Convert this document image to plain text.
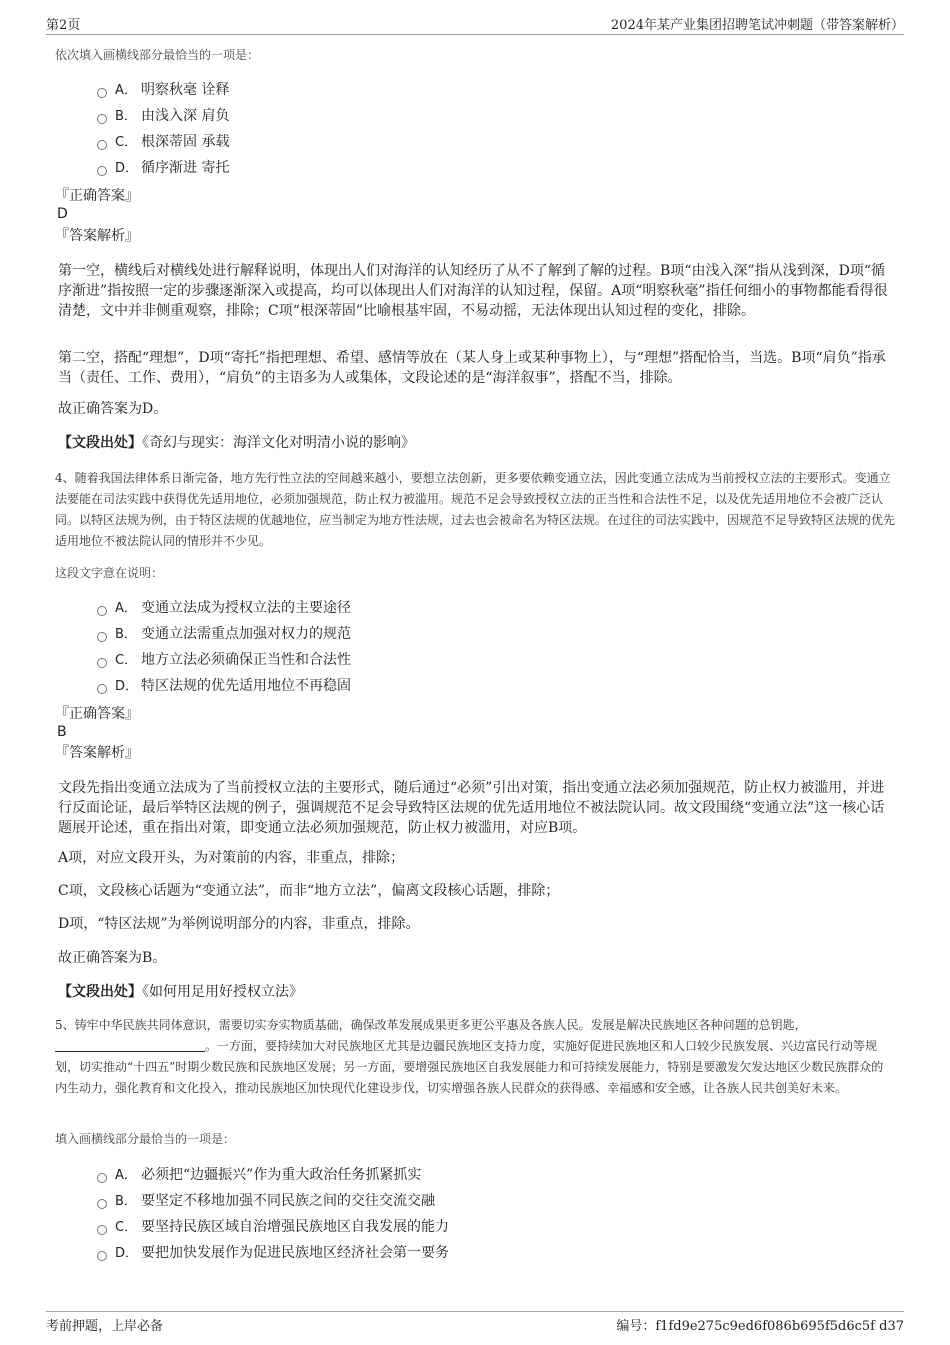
第2页	2024年某产业集团招聘笔试冲刺题（带答案解析）

依次填入画横线部分最恰当的一项是：

A． 明察秋毫 诠释
B． 由浅入深 肩负
C． 根深蒂固 承载
D． 循序渐进 寄托
『正确答案』
D
『答案解析』

第一空，横线后对横线处进行解释说明，体现出人们对海洋的认知经历了从不了解到了解的过程。B项“由浅入深”指从浅到深，D项“循序渐进”指按照一定的步骤逐渐深入或提高，均可以体现出人们对海洋的认知过程，保留。A项“明察秋毫”指任何细小的事物都能看得很清楚，文中并非侧重观察，排除；C项“根深蒂固”比喻根基牢固，不易动摇，无法体现出认知过程的变化，排除。

第二空，搭配“理想”，D项“寄托”指把理想、希望、感情等放在（某人身上或某种事物上），与“理想”搭配恰当，当选。B项“肩负”指承当（责任、工作、费用），“肩负”的主语多为人或集体，文段论述的是“海洋叙事”，搭配不当，排除。

故正确答案为D。

【文段出处】《奇幻与现实：海洋文化对明清小说的影响》

4、随着我国法律体系日渐完备，地方先行性立法的空间越来越小，要想立法创新，更多要依赖变通立法，因此变通立法成为当前授权立法的主要形式。变通立法要能在司法实践中获得优先适用地位，必须加强规范，防止权力被滥用。规范不足会导致授权立法的正当性和合法性不足，以及优先适用地位不会被广泛认同。以特区法规为例，由于特区法规的优越地位，应当制定为地方性法规，过去也会被命名为特区法规。在过往的司法实践中，因规范不足导致特区法规的优先适用地位不被法院认同的情形并不少见。

这段文字意在说明：

A． 变通立法成为授权立法的主要途径
B． 变通立法需重点加强对权力的规范
C． 地方立法必须确保正当性和合法性
D． 特区法规的优先适用地位不再稳固
『正确答案』
B
『答案解析』

文段先指出变通立法成为了当前授权立法的主要形式，随后通过“必须”引出对策，指出变通立法必须加强规范，防止权力被滥用，并进行反面论证，最后举特区法规的例子，强调规范不足会导致特区法规的优先适用地位不被法院认同。故文段围绕“变通立法”这一核心话题展开论述，重在指出对策，即变通立法必须加强规范，防止权力被滥用，对应B项。

A项，对应文段开头，为对策前的内容，非重点，排除；

C项，文段核心话题为“变通立法”，而非“地方立法”，偏离文段核心话题，排除；

D项，“特区法规”为举例说明部分的内容，非重点，排除。

故正确答案为B。

【文段出处】《如何用足用好授权立法》

5、铸牢中华民族共同体意识，需要切实夯实物质基础，确保改革发展成果更多更公平惠及各族人民。发展是解决民族地区各种问题的总钥匙，。一方面，要持续加大对民族地区尤其是边疆民族地区支持力度，实施好促进民族地区和人口较少民族发展、兴边富民行动等规划，切实推动“十四五”时期少数民族和民族地区发展；另一方面，要增强民族地区自我发展能力和可持续发展能力，特别是要激发欠发达地区少数民族群众的内生动力，强化教育和文化投入，推动民族地区加快现代化建设步伐，切实增强各族人民群众的获得感、幸福感和安全感，让各族人民共创美好未来。

填入画横线部分最恰当的一项是：

A． 必须把“边疆振兴”作为重大政治任务抓紧抓实
B． 要坚定不移地加强不同民族之间的交往交流交融
C． 要坚持民族区域自治增强民族地区自我发展的能力
D． 要把加快发展作为促进民族地区经济社会第一要务
考前押题，上岸必备	编号：f1fd9e275c9ed6f086b695f5d6c5f d37
